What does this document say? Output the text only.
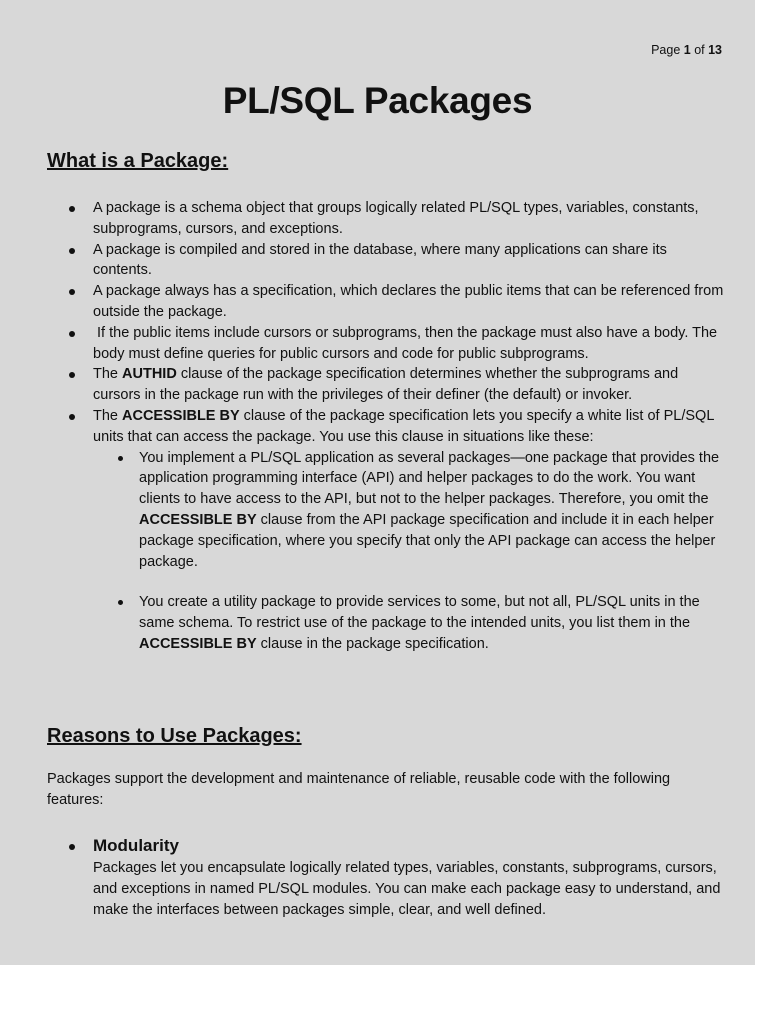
Page 1 of 13
PL/SQL Packages
What is a Package:
A package is a schema object that groups logically related PL/SQL types, variables, constants, subprograms, cursors, and exceptions.
A package is compiled and stored in the database, where many applications can share its contents.
A package always has a specification, which declares the public items that can be referenced from outside the package.
If the public items include cursors or subprograms, then the package must also have a body. The body must define queries for public cursors and code for public subprograms.
The AUTHID clause of the package specification determines whether the subprograms and cursors in the package run with the privileges of their definer (the default) or invoker.
The ACCESSIBLE BY clause of the package specification lets you specify a white list of PL/SQL units that can access the package. You use this clause in situations like these:
You implement a PL/SQL application as several packages—one package that provides the application programming interface (API) and helper packages to do the work. You want clients to have access to the API, but not to the helper packages. Therefore, you omit the ACCESSIBLE BY clause from the API package specification and include it in each helper package specification, where you specify that only the API package can access the helper package.
You create a utility package to provide services to some, but not all, PL/SQL units in the same schema. To restrict use of the package to the intended units, you list them in the ACCESSIBLE BY clause in the package specification.
Reasons to Use Packages:

Packages support the development and maintenance of reliable, reusable code with the following features:

Modularity
Packages let you encapsulate logically related types, variables, constants, subprograms, cursors, and exceptions in named PL/SQL modules. You can make each package easy to understand, and make the interfaces between packages simple, clear, and well defined.
